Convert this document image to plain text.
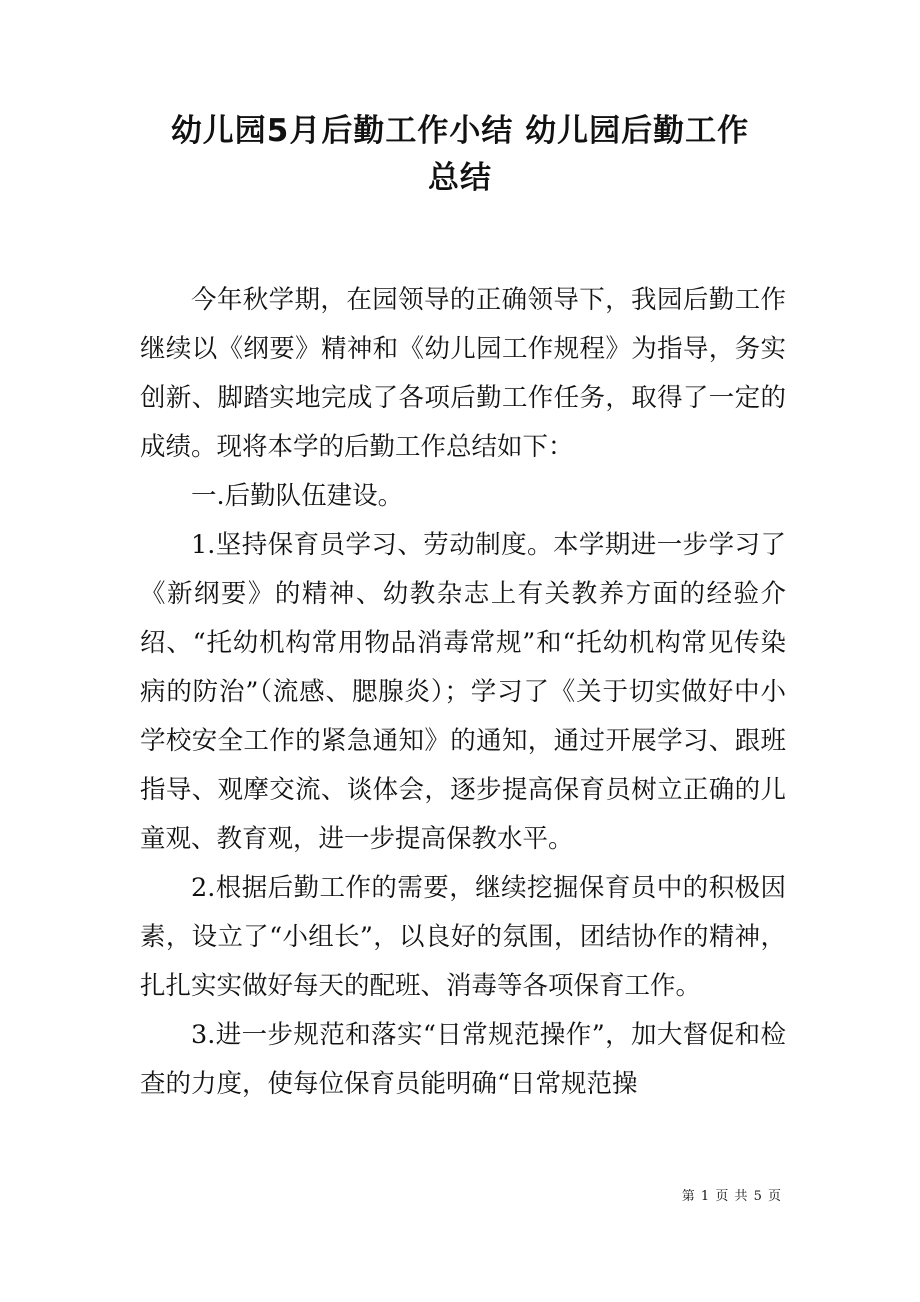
幼儿园5月后勤工作小结 幼儿园后勤工作
总结

今年秋学期，在园领导的正确领导下，我园后勤工作继续以《纲要》精神和《幼儿园工作规程》为指导，务实创新、脚踏实地完成了各项后勤工作任务，取得了一定的成绩。现将本学的后勤工作总结如下：

一.后勤队伍建设。

1.坚持保育员学习、劳动制度。本学期进一步学习了《新纲要》的精神、幼教杂志上有关教养方面的经验介绍、“托幼机构常用物品消毒常规”和“托幼机构常见传染病的防治”（流感、腮腺炎）；学习了《关于切实做好中小学校安全工作的紧急通知》的通知，通过开展学习、跟班指导、观摩交流、谈体会，逐步提高保育员树立正确的儿童观、教育观，进一步提高保教水平。

2.根据后勤工作的需要，继续挖掘保育员中的积极因素，设立了“小组长”，以良好的氛围，团结协作的精神，扎扎实实做好每天的配班、消毒等各项保育工作。

3.进一步规范和落实“日常规范操作”，加大督促和检查的力度，使每位保育员能明确“日常规范操

第 1 页 共 5 页
